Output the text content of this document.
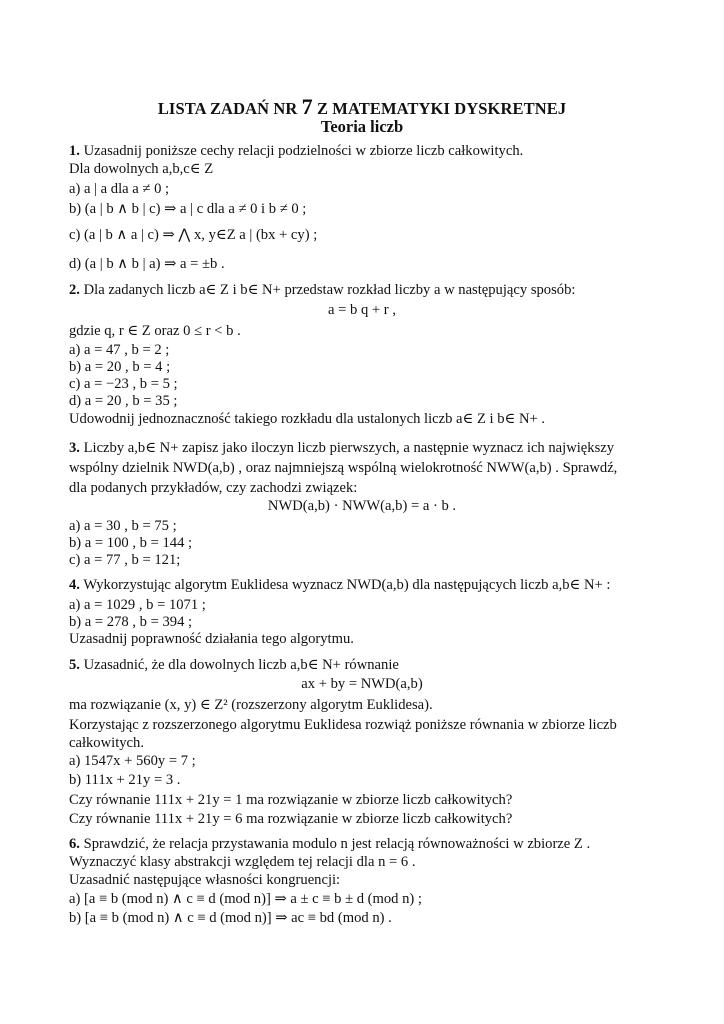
LISTA ZADAŃ NR 7 Z MATEMATYKI DYSKRETNEJ
Teoria liczb
1. Uzasadnij poniższe cechy relacji podzielności w zbiorze liczb całkowitych.
Dla dowolnych a,b,c∈ Z
a) a | a dla a ≠ 0 ;
b) (a | b ∧ b | c) ⇒ a | c dla a ≠ 0 i b ≠ 0 ;
c) (a | b ∧ a | c) ⇒ ⋀ x, y∈Z a | (bx + cy) ;
d) (a | b ∧ b | a) ⇒ a = ±b .
2. Dla zadanych liczb a∈ Z i b∈ N+ przedstaw rozkład liczby a w następujący sposób:
a = b q + r ,
gdzie q, r ∈ Z oraz 0 ≤ r < b .
a) a = 47 , b = 2 ;
b) a = 20 , b = 4 ;
c) a = −23 , b = 5 ;
d) a = 20 , b = 35 ;
Udowodnij jednoznaczność takiego rozkładu dla ustalonych liczb a∈ Z i b∈ N+ .
3. Liczby a,b∈ N+ zapisz jako iloczyn liczb pierwszych, a następnie wyznacz ich największy
wspólny dzielnik NWD(a,b) , oraz najmniejszą wspólną wielokrotność NWW(a,b) . Sprawdź,
dla podanych przykładów, czy zachodzi związek:
NWD(a,b) · NWW(a,b) = a · b .
a) a = 30 , b = 75 ;
b) a = 100 , b = 144 ;
c) a = 77 , b = 121;
4. Wykorzystując algorytm Euklidesa wyznacz NWD(a,b) dla następujących liczb a,b∈ N+ :
a) a = 1029 , b = 1071 ;
b) a = 278 , b = 394 ;
Uzasadnij poprawność działania tego algorytmu.
5. Uzasadnić, że dla dowolnych liczb a,b∈ N+ równanie
ax + by = NWD(a,b)
ma rozwiązanie (x, y) ∈ Z² (rozszerzony algorytm Euklidesa).
Korzystając z rozszerzonego algorytmu Euklidesa rozwiąż poniższe równania w zbiorze liczb
całkowitych.
a) 1547x + 560y = 7 ;
b) 111x + 21y = 3 .
Czy równanie 111x + 21y = 1 ma rozwiązanie w zbiorze liczb całkowitych?
Czy równanie 111x + 21y = 6 ma rozwiązanie w zbiorze liczb całkowitych?
6. Sprawdzić, że relacja przystawania modulo n jest relacją równoważności w zbiorze Z .
Wyznaczyć klasy abstrakcji względem tej relacji dla n = 6 .
Uzasadnić następujące własności kongruencji:
a) [a ≡ b (mod n) ∧ c ≡ d (mod n)] ⇒ a ± c ≡ b ± d (mod n) ;
b) [a ≡ b (mod n) ∧ c ≡ d (mod n)] ⇒ ac ≡ bd (mod n) .
